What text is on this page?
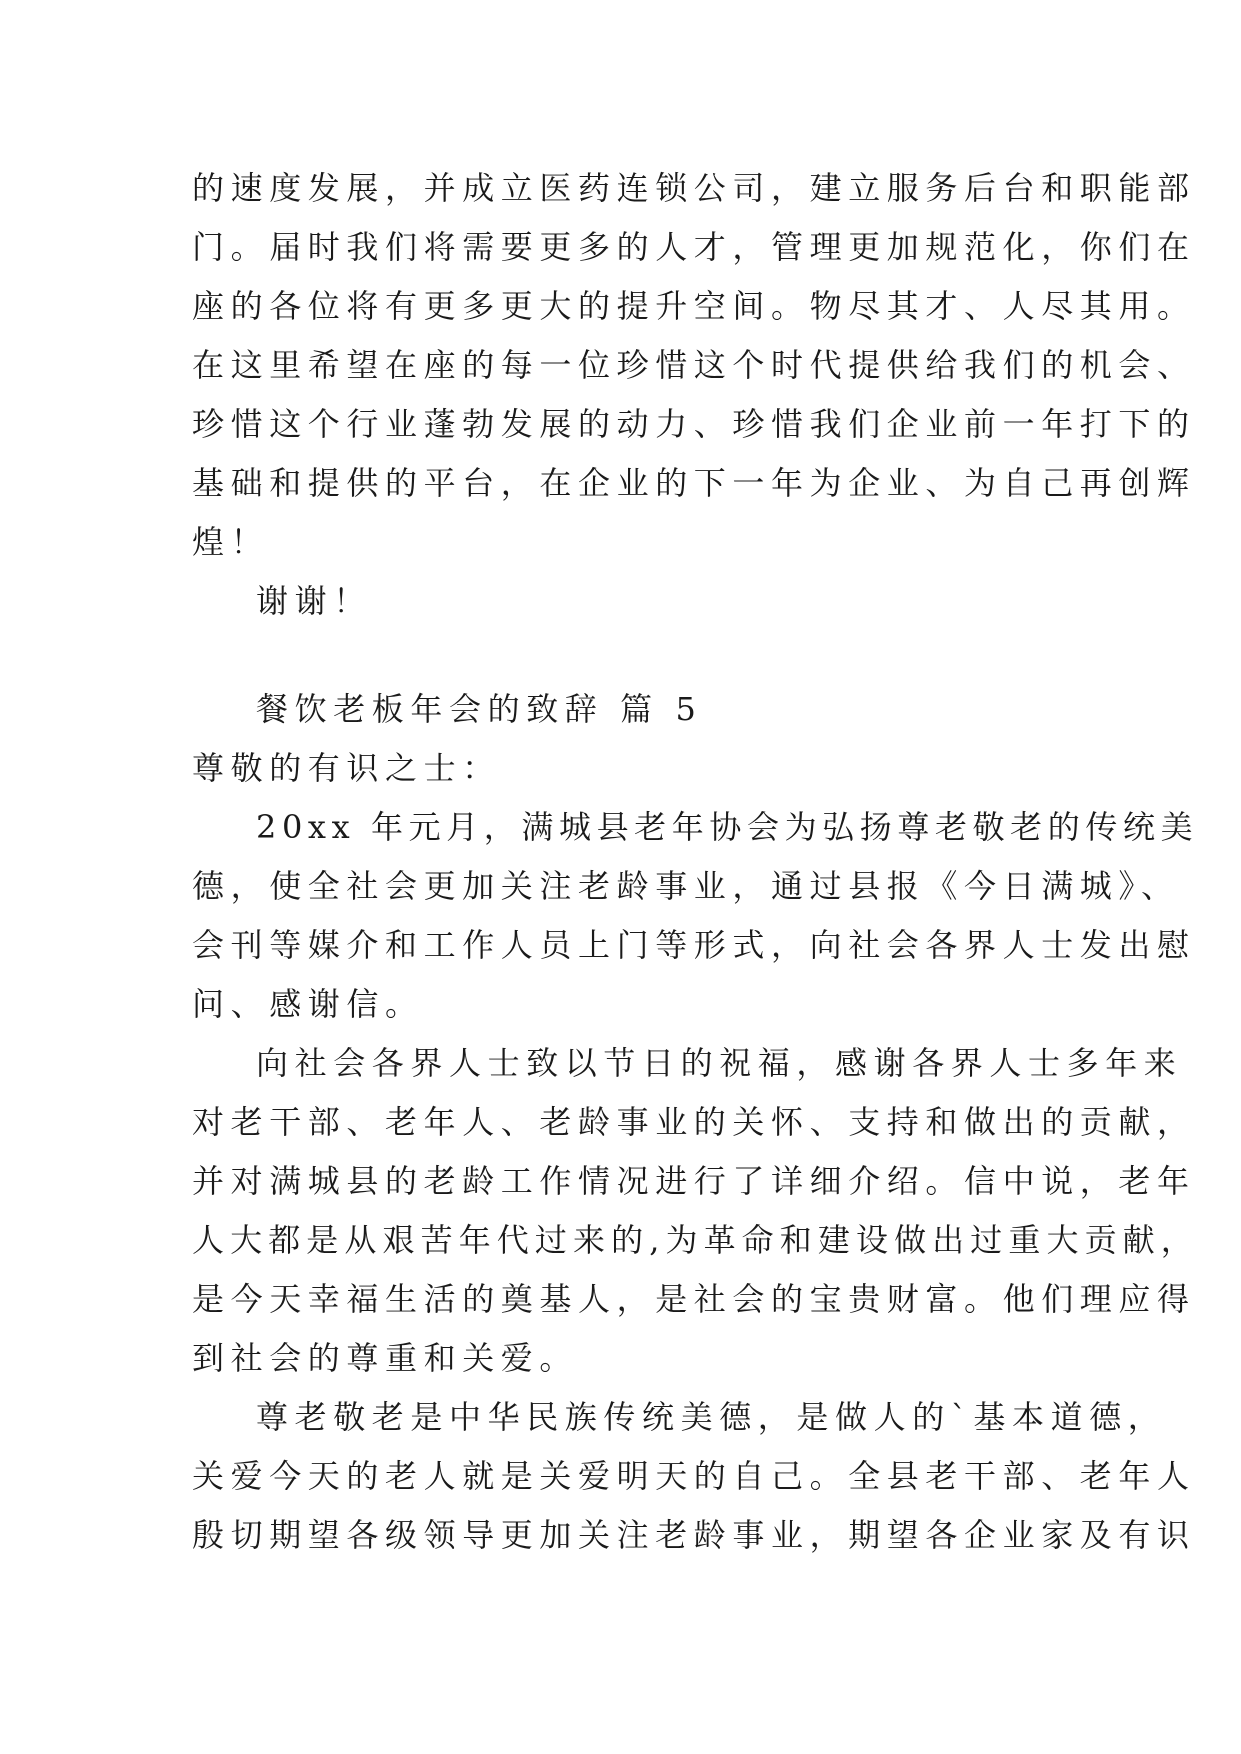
的速度发展，并成立医药连锁公司，建立服务后台和职能部
门。届时我们将需要更多的人才，管理更加规范化，你们在
座的各位将有更多更大的提升空间。物尽其才、人尽其用。
在这里希望在座的每一位珍惜这个时代提供给我们的机会、
珍惜这个行业蓬勃发展的动力、珍惜我们企业前一年打下的
基础和提供的平台，在企业的下一年为企业、为自己再创辉
煌！
谢谢！
餐饮老板年会的致辞 篇 5
尊敬的有识之士：
20xx 年元月，满城县老年协会为弘扬尊老敬老的传统美
德，使全社会更加关注老龄事业，通过县报《今日满城》、
会刊等媒介和工作人员上门等形式，向社会各界人士发出慰
问、感谢信。
向社会各界人士致以节日的祝福，感谢各界人士多年来
对老干部、老年人、老龄事业的关怀、支持和做出的贡献，
并对满城县的老龄工作情况进行了详细介绍。信中说，老年
人大都是从艰苦年代过来的,为革命和建设做出过重大贡献，
是今天幸福生活的奠基人，是社会的宝贵财富。他们理应得
到社会的尊重和关爱。
尊老敬老是中华民族传统美德，是做人的`基本道德，
关爱今天的老人就是关爱明天的自己。全县老干部、老年人
殷切期望各级领导更加关注老龄事业，期望各企业家及有识
